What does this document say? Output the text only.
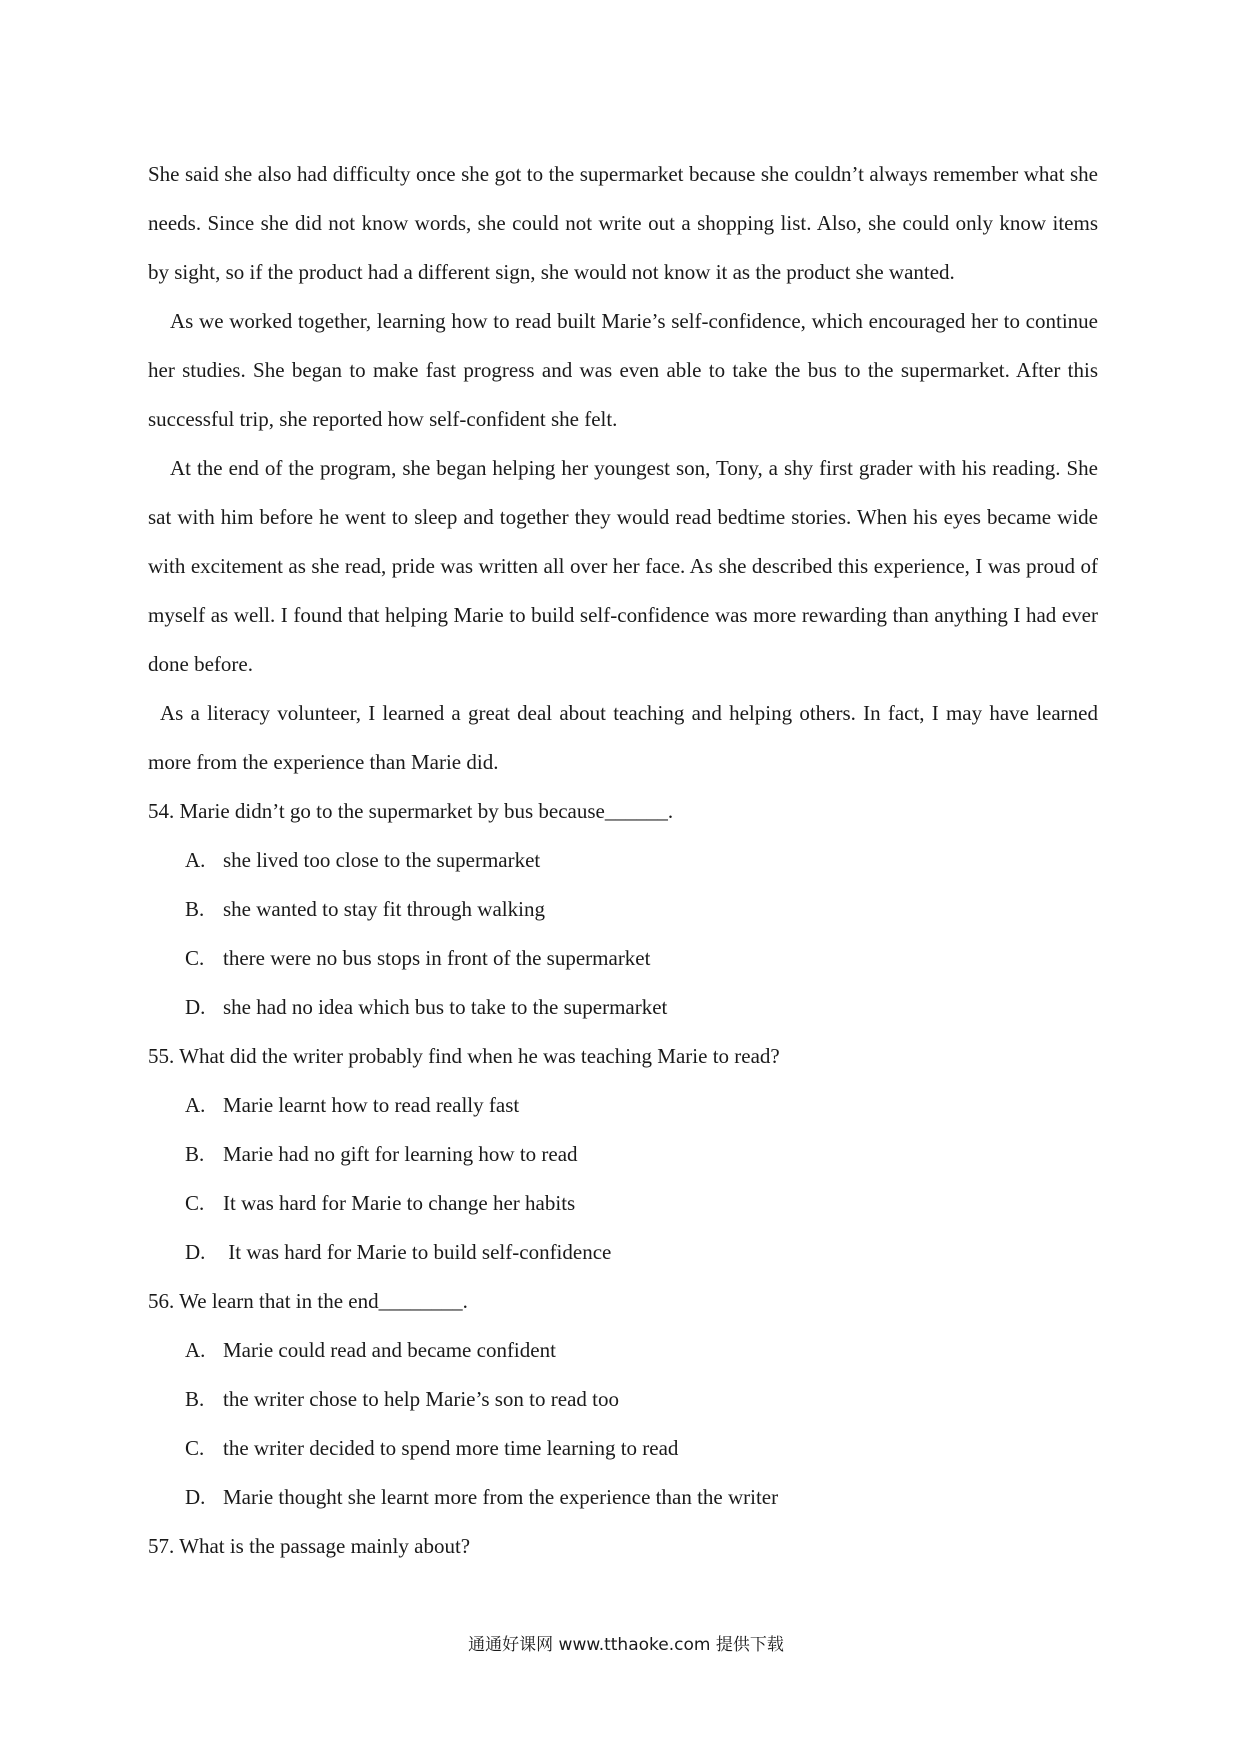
She said she also had difficulty once she got to the supermarket because she couldn’t always remember what she needs. Since she did not know words, she could not write out a shopping list. Also, she could only know items by sight, so if the product had a different sign, she would not know it as the product she wanted.

As we worked together, learning how to read built Marie’s self-confidence, which encouraged her to continue her studies. She began to make fast progress and was even able to take the bus to the supermarket. After this successful trip, she reported how self-confident she felt.

At the end of the program, she began helping her youngest son, Tony, a shy first grader with his reading. She sat with him before he went to sleep and together they would read bedtime stories. When his eyes became wide with excitement as she read, pride was written all over her face. As she described this experience, I was proud of myself as well. I found that helping Marie to build self-confidence was more rewarding than anything I had ever done before.

As a literacy volunteer, I learned a great deal about teaching and helping others. In fact, I may have learned more from the experience than Marie did.

54. Marie didn’t go to the supermarket by bus because______.

A. she lived too close to the supermarket
B. she wanted to stay fit through walking
C. there were no bus stops in front of the supermarket
D. she had no idea which bus to take to the supermarket

55. What did the writer probably find when he was teaching Marie to read?

A. Marie learnt how to read really fast
B. Marie had no gift for learning how to read
C. It was hard for Marie to change her habits
D. It was hard for Marie to build self-confidence

56. We learn that in the end________.

A. Marie could read and became confident
B. the writer chose to help Marie’s son to read too
C. the writer decided to spend more time learning to read
D. Marie thought she learnt more from the experience than the writer

57. What is the passage mainly about?

通通好课网 www.tthaoke.com 提供下载
